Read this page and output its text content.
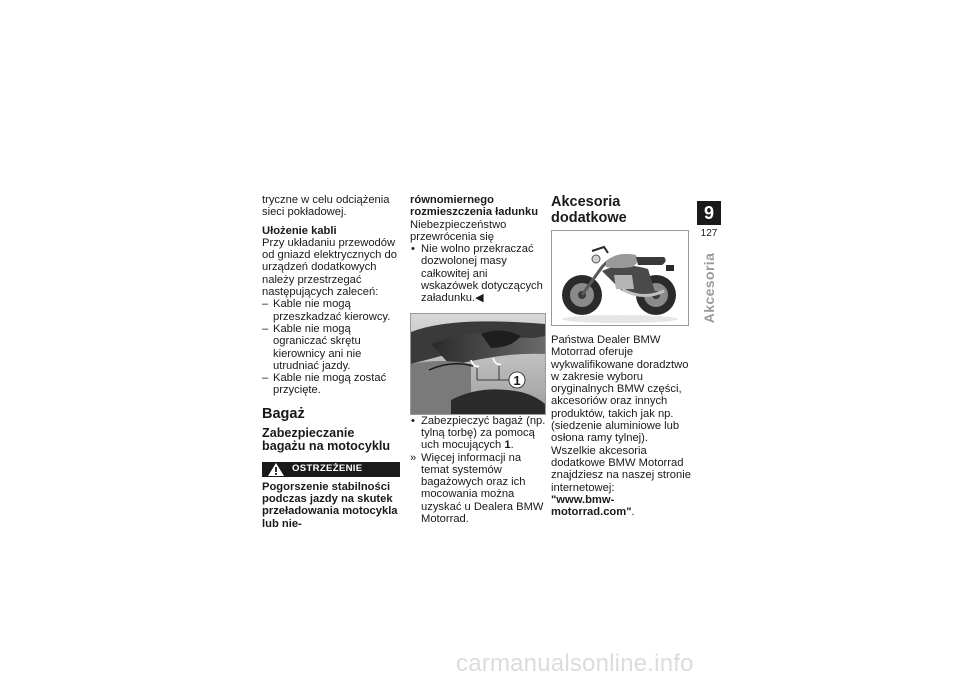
tryczne w celu odciążenia sieci pokładowej.

Ułożenie kabli

Przy układaniu przewodów od gniazd elektrycznych do urządzeń dodatkowych należy przestrzegać następujących zaleceń:

– Kable nie mogą przeszkadzać kierowcy.
– Kable nie mogą ograniczać skrętu kierownicy ani nie utrudniać jazdy.
– Kable nie mogą zostać przycięte.

Bagaż

Zabezpieczanie bagażu na motocyklu

OSTRZEŻENIE

Pogorszenie stabilności podczas jazdy na skutek przeładowania motocykla lub nie-

równomiernego rozmieszczenia ładunku

Niebezpieczeństwo przewrócenia się

• Nie wolno przekraczać dozwolonej masy całkowitej ani wskazówek dotyczących załadunku.◀
1
• Zabezpieczyć bagaż (np. tylną torbę) za pomocą uch mocujących 1.
» Więcej informacji na temat systemów bagażowych oraz ich mocowania można uzyskać u Dealera BMW Motorrad.

Akcesoria dodatkowe

Państwa Dealer BMW Motorrad oferuje wykwalifikowane doradztwo w zakresie wyboru oryginalnych BMW części, akcesoriów oraz innych produktów, takich jak np. (siedzenie aluminiowe lub osłona ramy tylnej).

Wszelkie akcesoria dodatkowe BMW Motorrad znajdziesz na naszej stronie internetowej:

"www.bmw-motorrad.com".

9
127
Akcesoria
carmanualsonline.info
